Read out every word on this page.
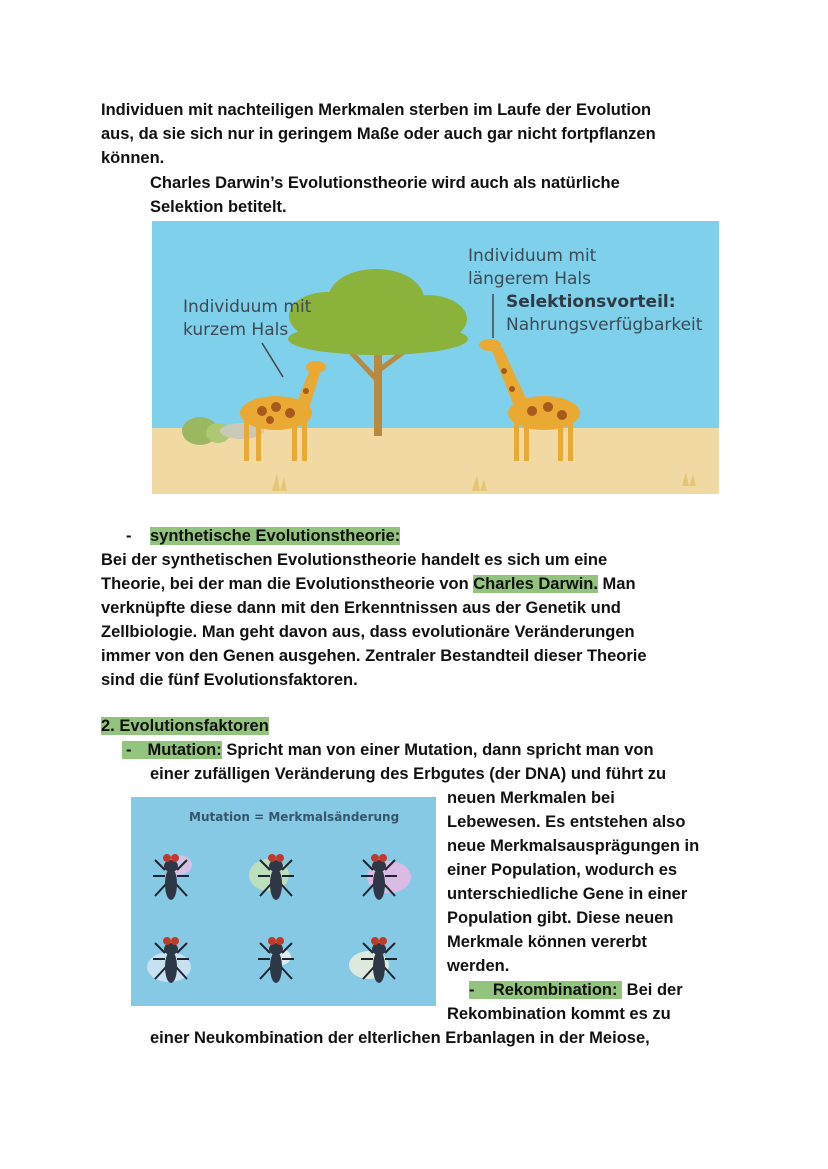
Individuen mit nachteiligen Merkmalen sterben im Laufe der Evolution
aus, da sie sich nur in geringem Maße oder auch gar nicht fortpflanzen
können.
Charles Darwin’s Evolutionstheorie wird auch als natürliche
Selektion betitelt.
Individuum mit
kurzem Hals
Individuum mit
längerem Hals
Selektionsvorteil:
Nahrungsverfügbarkeit
- synthetische Evolutionstheorie:
Bei der synthetischen Evolutionstheorie handelt es sich um eine
Theorie, bei der man die Evolutionstheorie von Charles Darwin. Man
verknüpfte diese dann mit den Erkenntnissen aus der Genetik und
Zellbiologie. Man geht davon aus, dass evolutionäre Veränderungen
immer von den Genen ausgehen. Zentraler Bestandteil dieser Theorie
sind die fünf Evolutionsfaktoren.
2. Evolutionsfaktoren
- Mutation: Spricht man von einer Mutation, dann spricht man von
einer zufälligen Veränderung des Erbgutes (der DNA) und führt zu
Mutation = Merkmalsänderung
neuen Merkmalen bei
Lebewesen. Es entstehen also
neue Merkmalsausprägungen in
einer Population, wodurch es
unterschiedliche Gene in einer
Population gibt. Diese neuen
Merkmale können vererbt
werden.
-    Rekombination:  Bei der
Rekombination kommt es zu
einer Neukombination der elterlichen Erbanlagen in der Meiose,
